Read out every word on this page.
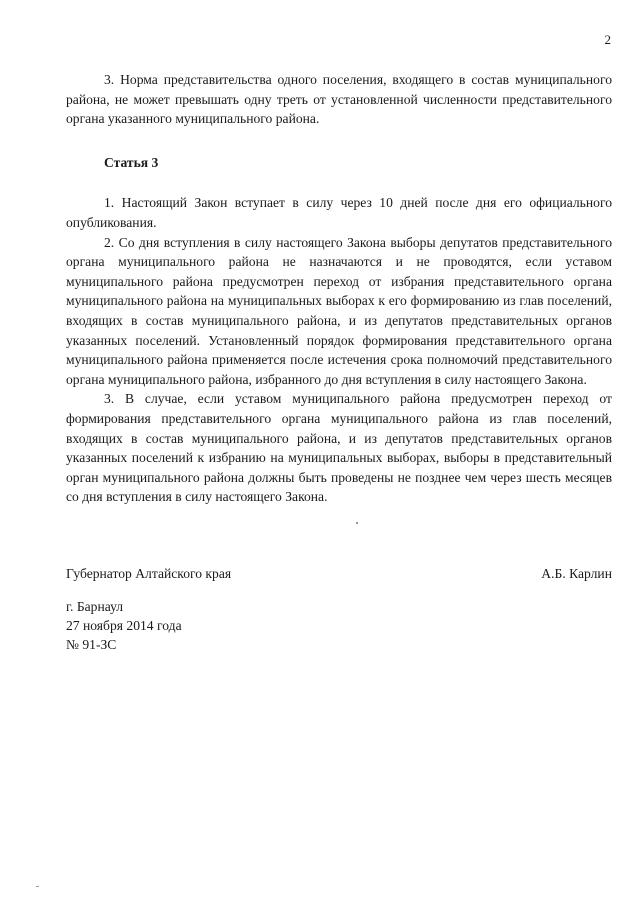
2

3. Норма представительства одного поселения, входящего в состав муниципального района, не может превышать одну треть от установленной численности представительного органа указанного муниципального района.

Статья 3

1. Настоящий Закон вступает в силу через 10 дней после дня его официального опубликования.

2. Со дня вступления в силу настоящего Закона выборы депутатов представительного органа муниципального района не назначаются и не проводятся, если уставом муниципального района предусмотрен переход от избрания представительного органа муниципального района на муниципальных выборах к его формированию из глав поселений, входящих в состав муниципального района, и из депутатов представительных органов указанных поселений. Установленный порядок формирования представительного органа муниципального района применяется после истечения срока полномочий представительного органа муниципального района, избранного до дня вступления в силу настоящего Закона.

3. В случае, если уставом муниципального района предусмотрен переход от формирования представительного органа муниципального района из глав поселений, входящих в состав муниципального района, и из депутатов представительных органов указанных поселений к избранию на муниципальных выборах, выборы в представительный орган муниципального района должны быть проведены не позднее чем через шесть месяцев со дня вступления в силу настоящего Закона.

Губернатор Алтайского края	А.Б. Карлин
г. Барнаул
27 ноября 2014 года
№ 91-ЗС
